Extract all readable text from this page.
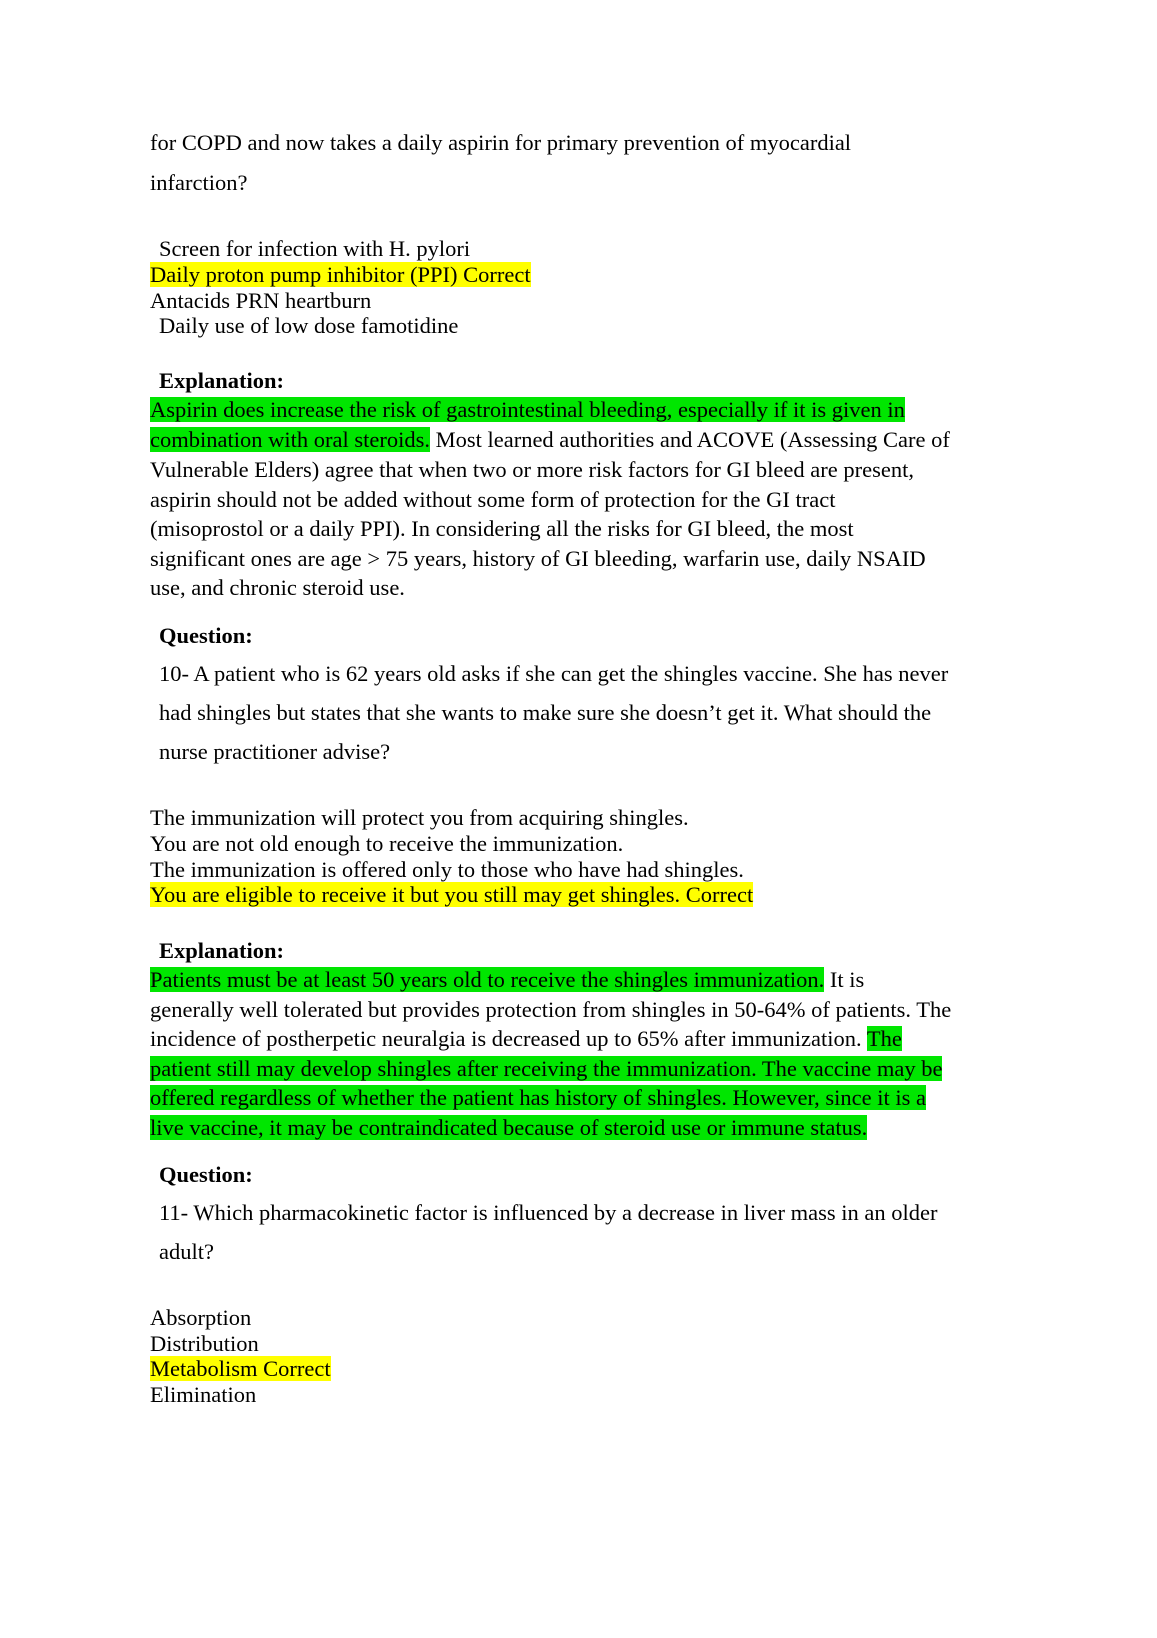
for COPD and now takes a daily aspirin for primary prevention of myocardial
infarction?
Screen for infection with H. pylori
Daily proton pump inhibitor (PPI) Correct
Antacids PRN heartburn
Daily use of low dose famotidine
Explanation:
Aspirin does increase the risk of gastrointestinal bleeding, especially if it is given in
combination with oral steroids. Most learned authorities and ACOVE (Assessing Care of
Vulnerable Elders) agree that when two or more risk factors for GI bleed are present,
aspirin should not be added without some form of protection for the GI tract
(misoprostol or a daily PPI). In considering all the risks for GI bleed, the most
significant ones are age > 75 years, history of GI bleeding, warfarin use, daily NSAID
use, and chronic steroid use.
Question:
10- A patient who is 62 years old asks if she can get the shingles vaccine. She has never
had shingles but states that she wants to make sure she doesn’t get it. What should the
nurse practitioner advise?
The immunization will protect you from acquiring shingles.
You are not old enough to receive the immunization.
The immunization is offered only to those who have had shingles.
You are eligible to receive it but you still may get shingles. Correct
Explanation:
Patients must be at least 50 years old to receive the shingles immunization. It is
generally well tolerated but provides protection from shingles in 50-64% of patients. The
incidence of postherpetic neuralgia is decreased up to 65% after immunization. The
patient still may develop shingles after receiving the immunization. The vaccine may be
offered regardless of whether the patient has history of shingles. However, since it is a
live vaccine, it may be contraindicated because of steroid use or immune status.
Question:
11- Which pharmacokinetic factor is influenced by a decrease in liver mass in an older
adult?
Absorption
Distribution
Metabolism Correct
Elimination
